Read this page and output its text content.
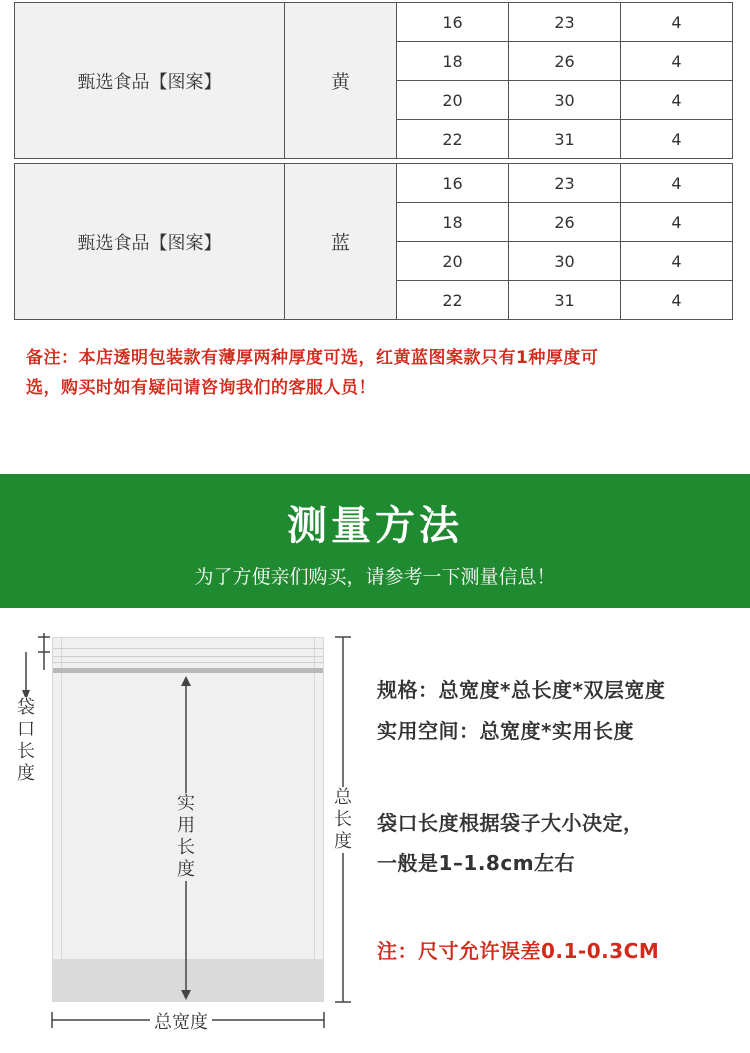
甄选食品【图案】	黄	16	23	4
		18	26	4
		20	30	4
		22	31	4
甄选食品【图案】	蓝	16	23	4
		18	26	4
		20	30	4
		22	31	4
备注：本店透明包装款有薄厚两种厚度可选，红黄蓝图案款只有1种厚度可
选，购买时如有疑问请咨询我们的客服人员！
测量方法
为了方便亲们购买，请参考一下测量信息！
袋口长度
实用长度
总长度
总宽度
规格：总宽度*总长度*双层宽度
实用空间：总宽度*实用长度
袋口长度根据袋子大小决定，
一般是1–1.8cm左右
注：尺寸允许误差0.1-0.3CM
